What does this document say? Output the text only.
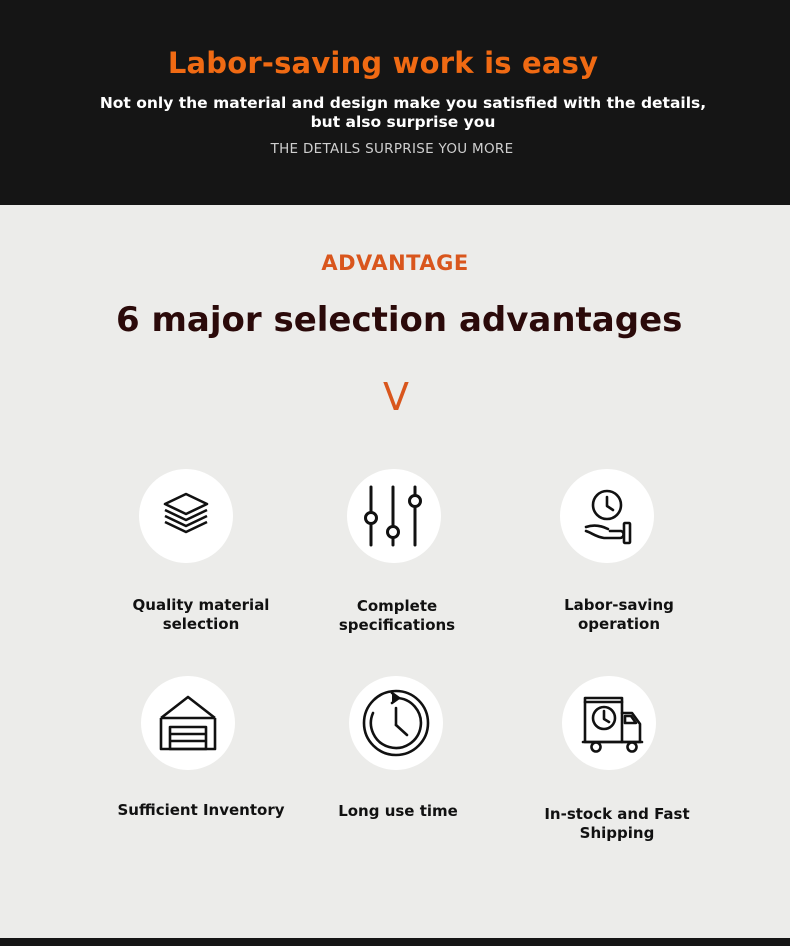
Labor-saving work is easy
Not only the material and design make you satisfied with the details,
but also surprise you
THE DETAILS SURPRISE YOU MORE
ADVANTAGE
6 major selection advantages
V
Quality material
selection
Complete
specifications
Labor-saving
operation
Sufficient Inventory	Long use time	In-stock and Fast
Shipping
